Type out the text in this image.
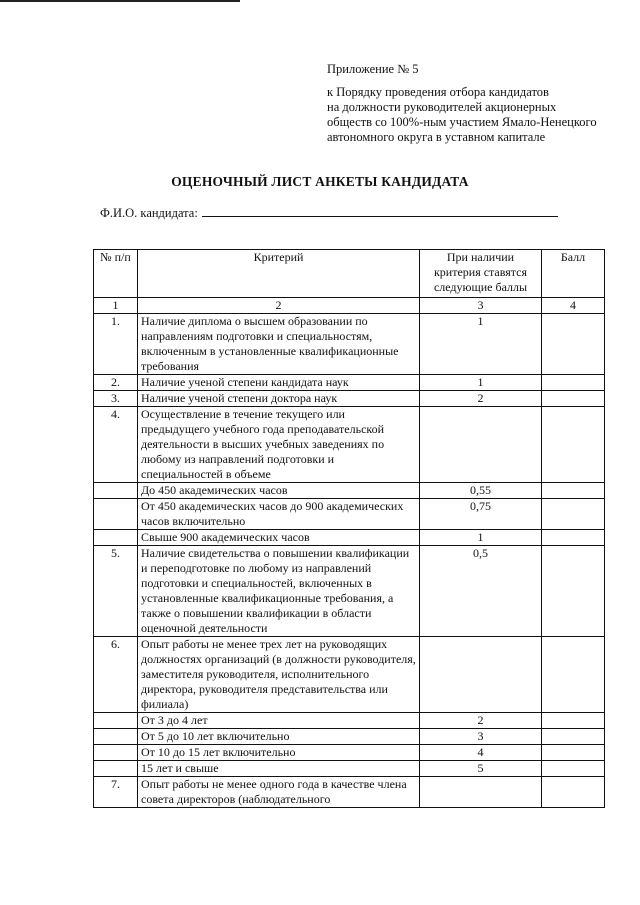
Приложение № 5
к Порядку проведения отбора кандидатов
на должности руководителей акционерных
обществ со 100%-ным участием Ямало-Ненецкого
автономного округа в уставном капитале
ОЦЕНОЧНЫЙ ЛИСТ АНКЕТЫ КАНДИДАТА
Ф.И.О. кандидата:
№ п/п	Критерий	При наличии критерия ставятся следующие баллы	Балл
1	2	3	4
1.	Наличие диплома о высшем образовании по направлениям подготовки и специальностям, включенным в установленные квалификационные требования	1	
2.	Наличие ученой степени кандидата наук	1	
3.	Наличие ученой степени доктора наук	2	
4.	Осуществление в течение текущего или предыдущего учебного года преподавательской деятельности в высших учебных заведениях по любому из направлений подготовки и специальностей в объеме		
	До 450 академических часов	0,55	
	От 450 академических часов до 900 академических часов включительно	0,75	
	Свыше 900 академических часов	1	
5.	Наличие свидетельства о повышении квалификации и переподготовке по любому из направлений подготовки и специальностей, включенных в установленные квалификационные требования, а также о повышении квалификации в области оценочной деятельности	0,5	
6.	Опыт работы не менее трех лет на руководящих должностях организаций (в должности руководителя, заместителя руководителя, исполнительного директора, руководителя представительства или филиала)		
	От 3 до 4 лет	2	
	От 5 до 10 лет включительно	3	
	От 10 до 15 лет включительно	4	
	15 лет и свыше	5	
7.	Опыт работы не менее одного года в качестве члена совета директоров (наблюдательного		
